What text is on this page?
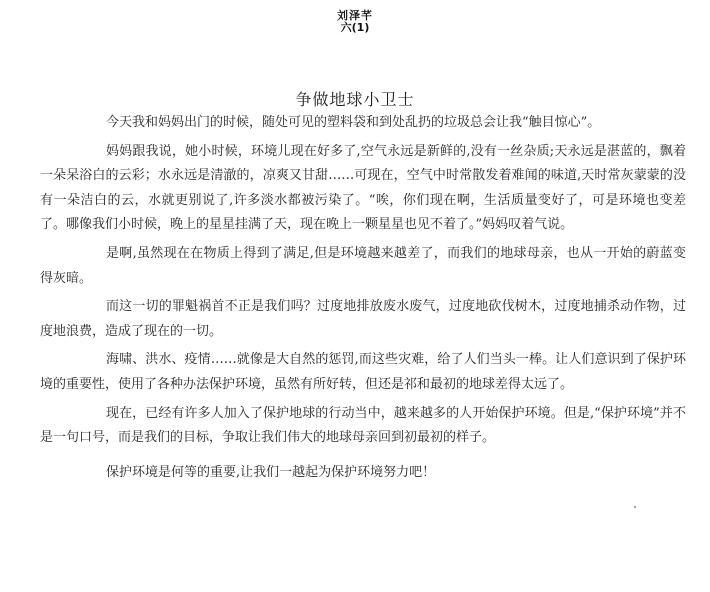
刘泽芊
六(1)
争做地球小卫士

今天我和妈妈出门的时候，随处可见的塑料袋和到处乱扔的垃圾总会让我“触目惊心”。

妈妈跟我说，她小时候，环境儿现在好多了,空气永远是新鲜的,没有一丝杂质;天永远是湛蓝的，飘着一朵呆浴白的云彩；水永远是清澈的，凉爽又甘甜……可现在，空气中时常散发着难闻的味道,天时常灰蒙蒙的没有一朵洁白的云，水就更别说了,许多淡水都被污染了。“唉，你们现在啊，生活质量变好了，可是环境也变差了。哪像我们小时候，晚上的星星挂满了天，现在晚上一颗星星也见不着了。”妈妈叹着气说。

是啊,虽然现在在物质上得到了满足,但是环境越来越差了，而我们的地球母亲，也从一开始的蔚蓝变得灰暗。

而这一切的罪魁祸首不正是我们吗？过度地排放废水废气，过度地砍伐树木，过度地捕杀动作物，过度地浪费，造成了现在的一切。

海啸、洪水、疫情……就像是大自然的惩罚,而这些灾难，给了人们当头一棒。让人们意识到了保护环境的重要性，使用了各种办法保护环境，虽然有所好转，但还是祁和最初的地球差得太远了。

现在，已经有许多人加入了保护地球的行动当中，越来越多的人开始保护环境。但是,“保护环境”并不是一句口号，而是我们的目标，争取让我们伟大的地球母亲回到初最初的样子。

保护环境是何等的重要,让我们一越起为保护环境努力吧！
